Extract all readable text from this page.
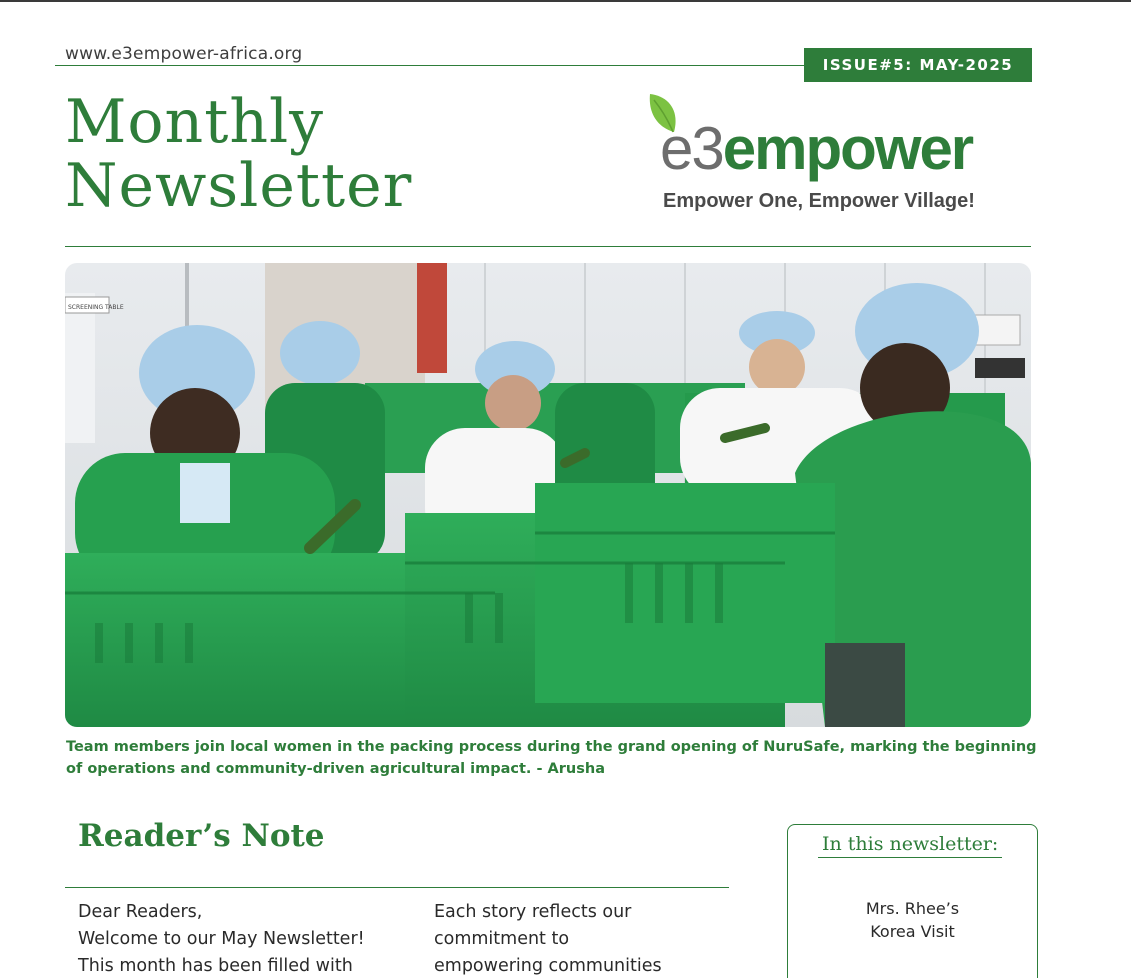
www.e3empower-africa.org
ISSUE#5: MAY-2025
Monthly
Newsletter
e3empower
Empower One, Empower Village!
SCREENING TABLE
Team members join local women in the packing process during the grand opening of NuruSafe, marking the beginning of operations and community-driven agricultural impact. - Arusha
Reader’s Note

Dear Readers,

Welcome to our May Newsletter!

This month has been filled with

Each story reflects our

commitment to

empowering communities

In this newsletter:
Mrs. Rhee’s
Korea Visit
